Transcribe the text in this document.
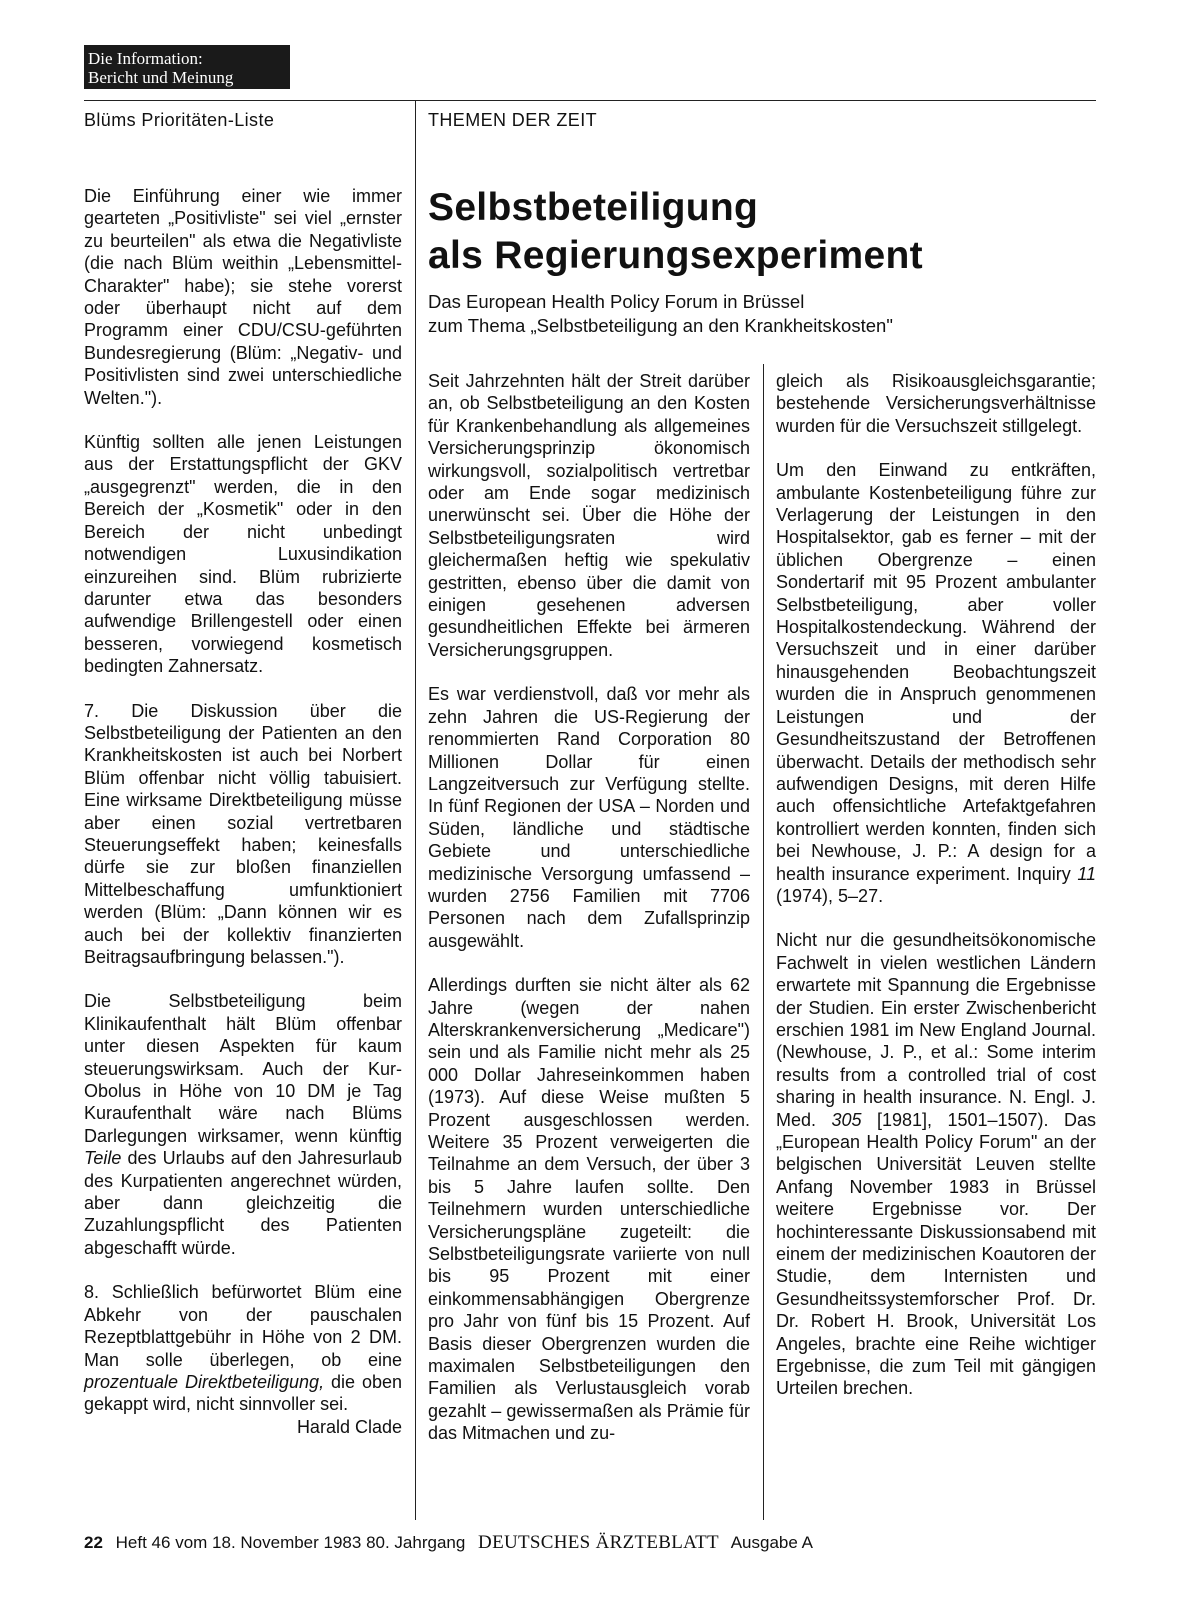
Die Information:
Bericht und Meinung
Blüms Prioritäten-Liste	THEMEN DER ZEIT
Selbstbeteiligung
als Regierungsexperiment
Das European Health Policy Forum in Brüssel
zum Thema „Selbstbeteiligung an den Krankheitskosten"

Die Einführung einer wie immer gearteten „Positivliste" sei viel „ernster zu beurteilen" als etwa die Negativliste (die nach Blüm weithin „Lebensmittel-Charakter" habe); sie stehe vorerst oder überhaupt nicht auf dem Programm einer CDU/CSU-geführten Bundesregierung (Blüm: „Negativ- und Positivlisten sind zwei unterschiedliche Welten.").

Künftig sollten alle jenen Leistungen aus der Erstattungspflicht der GKV „ausgegrenzt" werden, die in den Bereich der „Kosmetik" oder in den Bereich der nicht unbedingt notwendigen Luxusindikation einzureihen sind. Blüm rubrizierte darunter etwa das besonders aufwendige Brillengestell oder einen besseren, vorwiegend kosmetisch bedingten Zahnersatz.

7. Die Diskussion über die Selbstbeteiligung der Patienten an den Krankheitskosten ist auch bei Norbert Blüm offenbar nicht völlig tabuisiert. Eine wirksame Direktbeteiligung müsse aber einen sozial vertretbaren Steuerungseffekt haben; keinesfalls dürfe sie zur bloßen finanziellen Mittelbeschaffung umfunktioniert werden (Blüm: „Dann können wir es auch bei der kollektiv finanzierten Beitragsaufbringung belassen.").

Die Selbstbeteiligung beim Klinikaufenthalt hält Blüm offenbar unter diesen Aspekten für kaum steuerungswirksam. Auch der Kur-Obolus in Höhe von 10 DM je Tag Kuraufenthalt wäre nach Blüms Darlegungen wirksamer, wenn künftig Teile des Urlaubs auf den Jahresurlaub des Kurpatienten angerechnet würden, aber dann gleichzeitig die Zuzahlungspflicht des Patienten abgeschafft würde.

8. Schließlich befürwortet Blüm eine Abkehr von der pauschalen Rezeptblattgebühr in Höhe von 2 DM. Man solle überlegen, ob eine prozentuale Direktbeteiligung, die oben gekappt wird, nicht sinnvoller sei.
Harald Clade

Seit Jahrzehnten hält der Streit darüber an, ob Selbstbeteiligung an den Kosten für Krankenbehandlung als allgemeines Versicherungsprinzip ökonomisch wirkungsvoll, sozialpolitisch vertretbar oder am Ende sogar medizinisch unerwünscht sei. Über die Höhe der Selbstbeteiligungsraten wird gleichermaßen heftig wie spekulativ gestritten, ebenso über die damit von einigen gesehenen adversen gesundheitlichen Effekte bei ärmeren Versicherungsgruppen.

Es war verdienstvoll, daß vor mehr als zehn Jahren die US-Regierung der renommierten Rand Corporation 80 Millionen Dollar für einen Langzeitversuch zur Verfügung stellte. In fünf Regionen der USA – Norden und Süden, ländliche und städtische Gebiete und unterschiedliche medizinische Versorgung umfassend – wurden 2756 Familien mit 7706 Personen nach dem Zufallsprinzip ausgewählt.

Allerdings durften sie nicht älter als 62 Jahre (wegen der nahen Alterskrankenversicherung „Medicare") sein und als Familie nicht mehr als 25 000 Dollar Jahreseinkommen haben (1973). Auf diese Weise mußten 5 Prozent ausgeschlossen werden. Weitere 35 Prozent verweigerten die Teilnahme an dem Versuch, der über 3 bis 5 Jahre laufen sollte. Den Teilnehmern wurden unterschiedliche Versicherungspläne zugeteilt: die Selbstbeteiligungsrate variierte von null bis 95 Prozent mit einer einkommensabhängigen Obergrenze pro Jahr von fünf bis 15 Prozent. Auf Basis dieser Obergrenzen wurden die maximalen Selbstbeteiligungen den Familien als Verlustausgleich vorab gezahlt – gewissermaßen als Prämie für das Mitmachen und zu-

gleich als Risikoausgleichsgarantie; bestehende Versicherungsverhältnisse wurden für die Versuchszeit stillgelegt.

Um den Einwand zu entkräften, ambulante Kostenbeteiligung führe zur Verlagerung der Leistungen in den Hospitalsektor, gab es ferner – mit der üblichen Obergrenze – einen Sondertarif mit 95 Prozent ambulanter Selbstbeteiligung, aber voller Hospitalkostendeckung. Während der Versuchszeit und in einer darüber hinausgehenden Beobachtungszeit wurden die in Anspruch genommenen Leistungen und der Gesundheitszustand der Betroffenen überwacht. Details der methodisch sehr aufwendigen Designs, mit deren Hilfe auch offensichtliche Artefaktgefahren kontrolliert werden konnten, finden sich bei Newhouse, J. P.: A design for a health insurance experiment. Inquiry 11 (1974), 5–27.

Nicht nur die gesundheitsökonomische Fachwelt in vielen westlichen Ländern erwartete mit Spannung die Ergebnisse der Studien. Ein erster Zwischenbericht erschien 1981 im New England Journal. (Newhouse, J. P., et al.: Some interim results from a controlled trial of cost sharing in health insurance. N. Engl. J. Med. 305 [1981], 1501–1507). Das „European Health Policy Forum" an der belgischen Universität Leuven stellte Anfang November 1983 in Brüssel weitere Ergebnisse vor. Der hochinteressante Diskussionsabend mit einem der medizinischen Koautoren der Studie, dem Internisten und Gesundheitssystemforscher Prof. Dr. Dr. Robert H. Brook, Universität Los Angeles, brachte eine Reihe wichtiger Ergebnisse, die zum Teil mit gängigen Urteilen brechen.

22 Heft 46 vom 18. November 1983 80. Jahrgang DEUTSCHES ÄRZTEBLATT Ausgabe A
